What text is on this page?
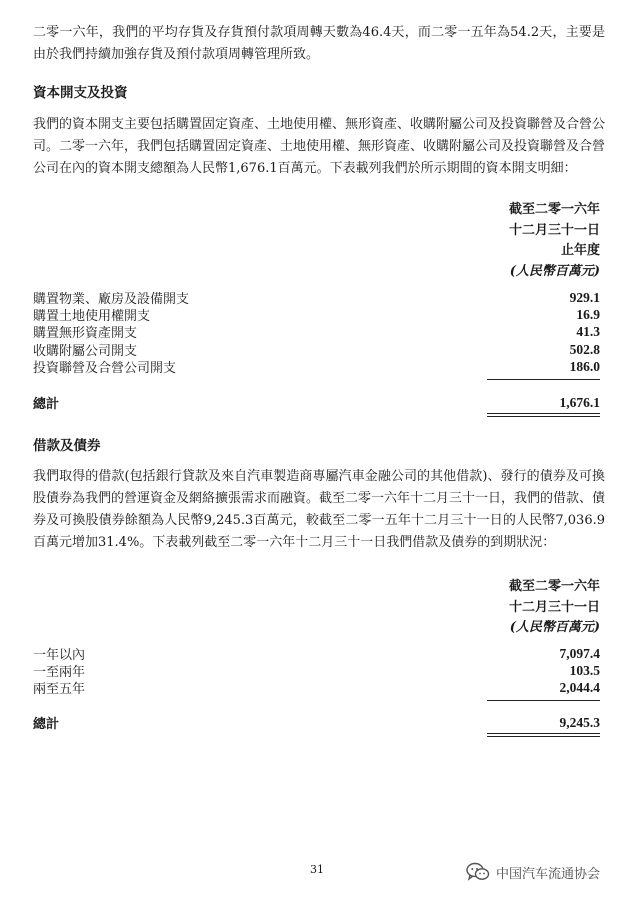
二零一六年，我們的平均存貨及存貨預付款項周轉天數為46.4天，而二零一五年為54.2天，主要是由於我們持續加強存貨及預付款項周轉管理所致。

資本開支及投資

我們的資本開支主要包括購置固定資產、土地使用權、無形資產、收購附屬公司及投資聯營及合營公司。二零一六年，我們包括購置固定資產、土地使用權、無形資產、收購附屬公司及投資聯營及合營公司在內的資本開支總額為人民幣1,676.1百萬元。下表載列我們於所示期間的資本開支明細：

截至二零一六年
十二月三十一日
止年度
(人民幣百萬元)
購置物業、廠房及設備開支	929.1
購置土地使用權開支	16.9
購置無形資產開支	41.3
收購附屬公司開支	502.8
投資聯營及合營公司開支	186.0
總計	1,676.1
借款及債券

我們取得的借款(包括銀行貸款及來自汽車製造商專屬汽車金融公司的其他借款)、發行的債券及可換股債券為我們的營運資金及網絡擴張需求而融資。截至二零一六年十二月三十一日，我們的借款、債券及可換股債券餘額為人民幣9,245.3百萬元，較截至二零一五年十二月三十一日的人民幣7,036.9百萬元增加31.4%。下表載列截至二零一六年十二月三十一日我們借款及債券的到期狀況：

截至二零一六年
十二月三十一日
(人民幣百萬元)
一年以內	7,097.4
一至兩年	103.5
兩至五年	2,044.4
總計	9,245.3
31	中国汽车流通协会
